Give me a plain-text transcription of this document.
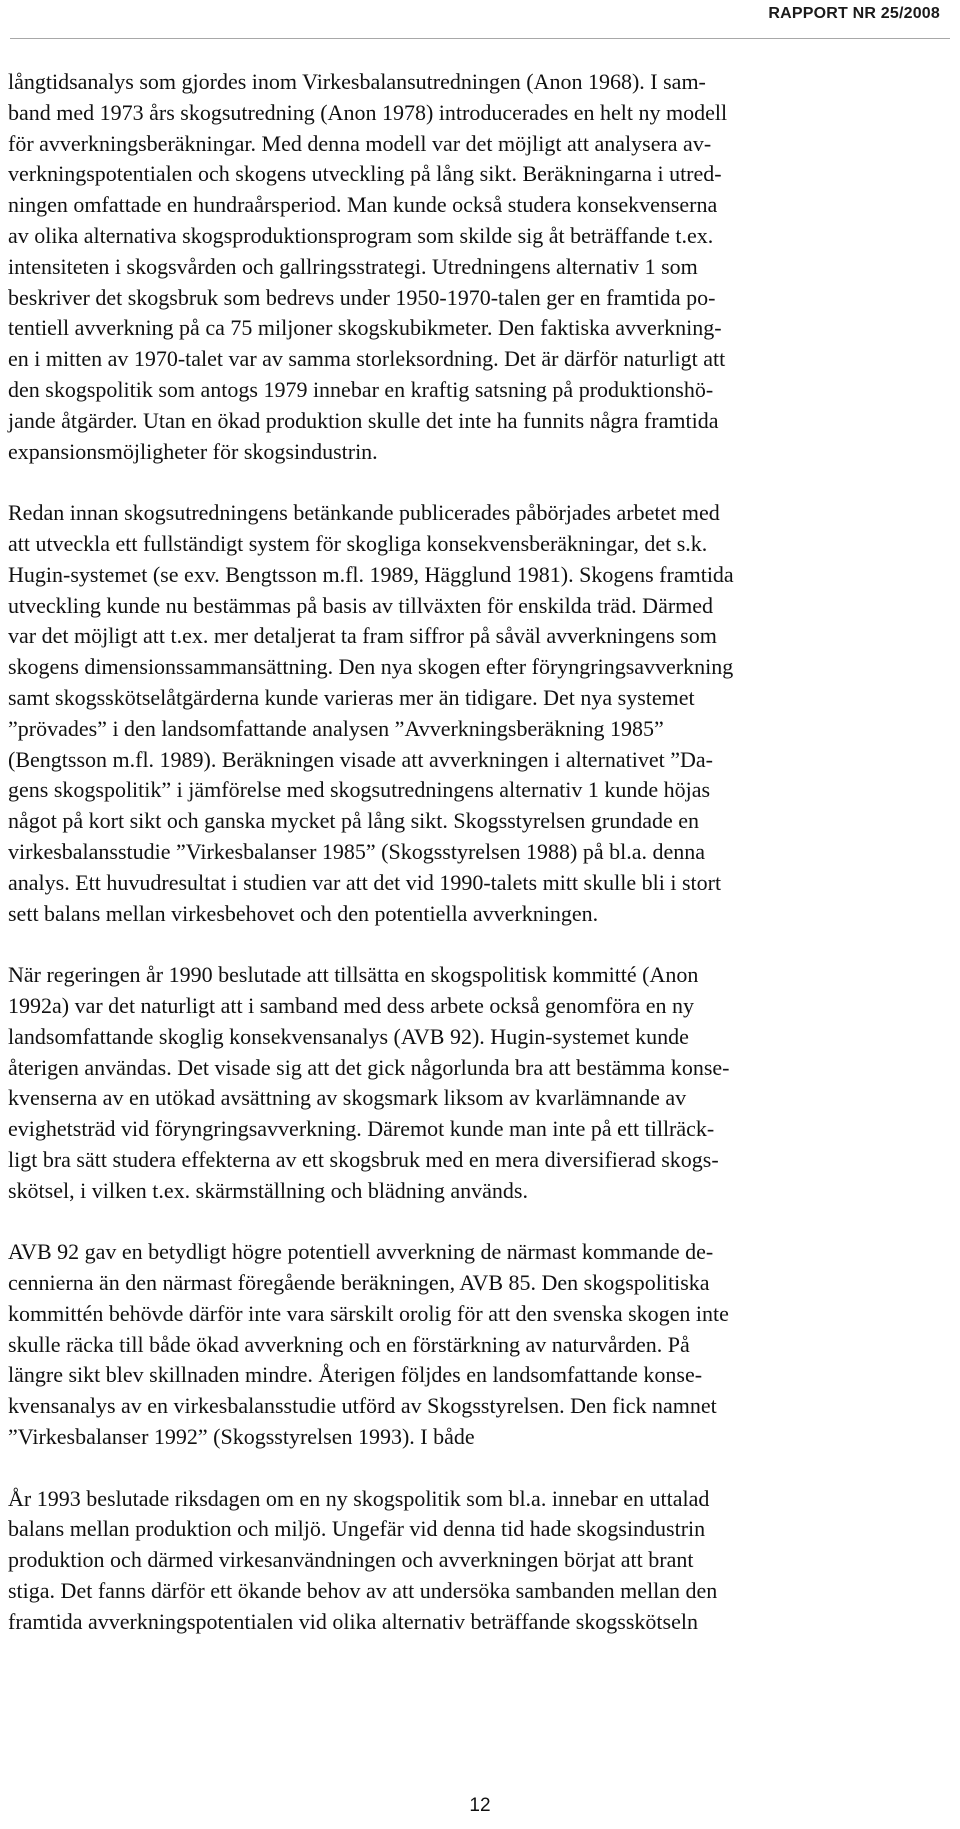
RAPPORT NR 25/2008

långtidsanalys som gjordes inom Virkesbalansutredningen (Anon 1968). I sam-
band med 1973 års skogsutredning (Anon 1978) introducerades en helt ny modell
för avverkningsberäkningar. Med denna modell var det möjligt att analysera av-
verkningspotentialen och skogens utveckling på lång sikt. Beräkningarna i utred-
ningen omfattade en hundraårsperiod. Man kunde också studera konsekvenserna
av olika alternativa skogsproduktionsprogram som skilde sig åt beträffande t.ex.
intensiteten i skogsvården och gallringsstrategi. Utredningens alternativ 1 som
beskriver det skogsbruk som bedrevs under 1950-1970-talen ger en framtida po-
tentiell avverkning på ca 75 miljoner skogskubikmeter. Den faktiska avverkning-
en i mitten av 1970-talet var av samma storleksordning. Det är därför naturligt att
den skogspolitik som antogs 1979 innebar en kraftig satsning på produktionshö-
jande åtgärder. Utan en ökad produktion skulle det inte ha funnits några framtida
expansionsmöjligheter för skogsindustrin.

Redan innan skogsutredningens betänkande publicerades påbörjades arbetet med
att utveckla ett fullständigt system för skogliga konsekvensberäkningar, det s.k.
Hugin-systemet (se exv. Bengtsson m.fl. 1989, Hägglund 1981). Skogens framtida
utveckling kunde nu bestämmas på basis av tillväxten för enskilda träd. Därmed
var det möjligt att t.ex. mer detaljerat ta fram siffror på såväl avverkningens som
skogens dimensionssammansättning. Den nya skogen efter föryngringsavverkning
samt skogsskötselåtgärderna kunde varieras mer än tidigare. Det nya systemet
”prövades” i den landsomfattande analysen ”Avverkningsberäkning 1985”
(Bengtsson m.fl. 1989). Beräkningen visade att avverkningen i alternativet ”Da-
gens skogspolitik” i jämförelse med skogsutredningens alternativ 1 kunde höjas
något på kort sikt och ganska mycket på lång sikt. Skogsstyrelsen grundade en
virkesbalansstudie ”Virkesbalanser 1985” (Skogsstyrelsen 1988) på bl.a. denna
analys. Ett huvudresultat i studien var att det vid 1990-talets mitt skulle bli i stort
sett balans mellan virkesbehovet och den potentiella avverkningen.

När regeringen år 1990 beslutade att tillsätta en skogspolitisk kommitté (Anon
1992a) var det naturligt att i samband med dess arbete också genomföra en ny
landsomfattande skoglig konsekvensanalys (AVB 92). Hugin-systemet kunde
återigen användas. Det visade sig att det gick någorlunda bra att bestämma konse-
kvenserna av en utökad avsättning av skogsmark liksom av kvarlämnande av
evighetsträd vid föryngringsavverkning. Däremot kunde man inte på ett tillräck-
ligt bra sätt studera effekterna av ett skogsbruk med en mera diversifierad skogs-
skötsel, i vilken t.ex. skärmställning och blädning används.

AVB 92 gav en betydligt högre potentiell avverkning de närmast kommande de-
cennierna än den närmast föregående beräkningen, AVB 85. Den skogspolitiska
kommittén behövde därför inte vara särskilt orolig för att den svenska skogen inte
skulle räcka till både ökad avverkning och en förstärkning av naturvården. På
längre sikt blev skillnaden mindre. Återigen följdes en landsomfattande konse-
kvensanalys av en virkesbalansstudie utförd av Skogsstyrelsen. Den fick namnet
”Virkesbalanser 1992” (Skogsstyrelsen 1993). I både

År 1993 beslutade riksdagen om en ny skogspolitik som bl.a. innebar en uttalad
balans mellan produktion och miljö. Ungefär vid denna tid hade skogsindustrin
produktion och därmed virkesanvändningen och avverkningen börjat att brant
stiga. Det fanns därför ett ökande behov av att undersöka sambanden mellan den
framtida avverkningspotentialen vid olika alternativ beträffande skogsskötseln

12
